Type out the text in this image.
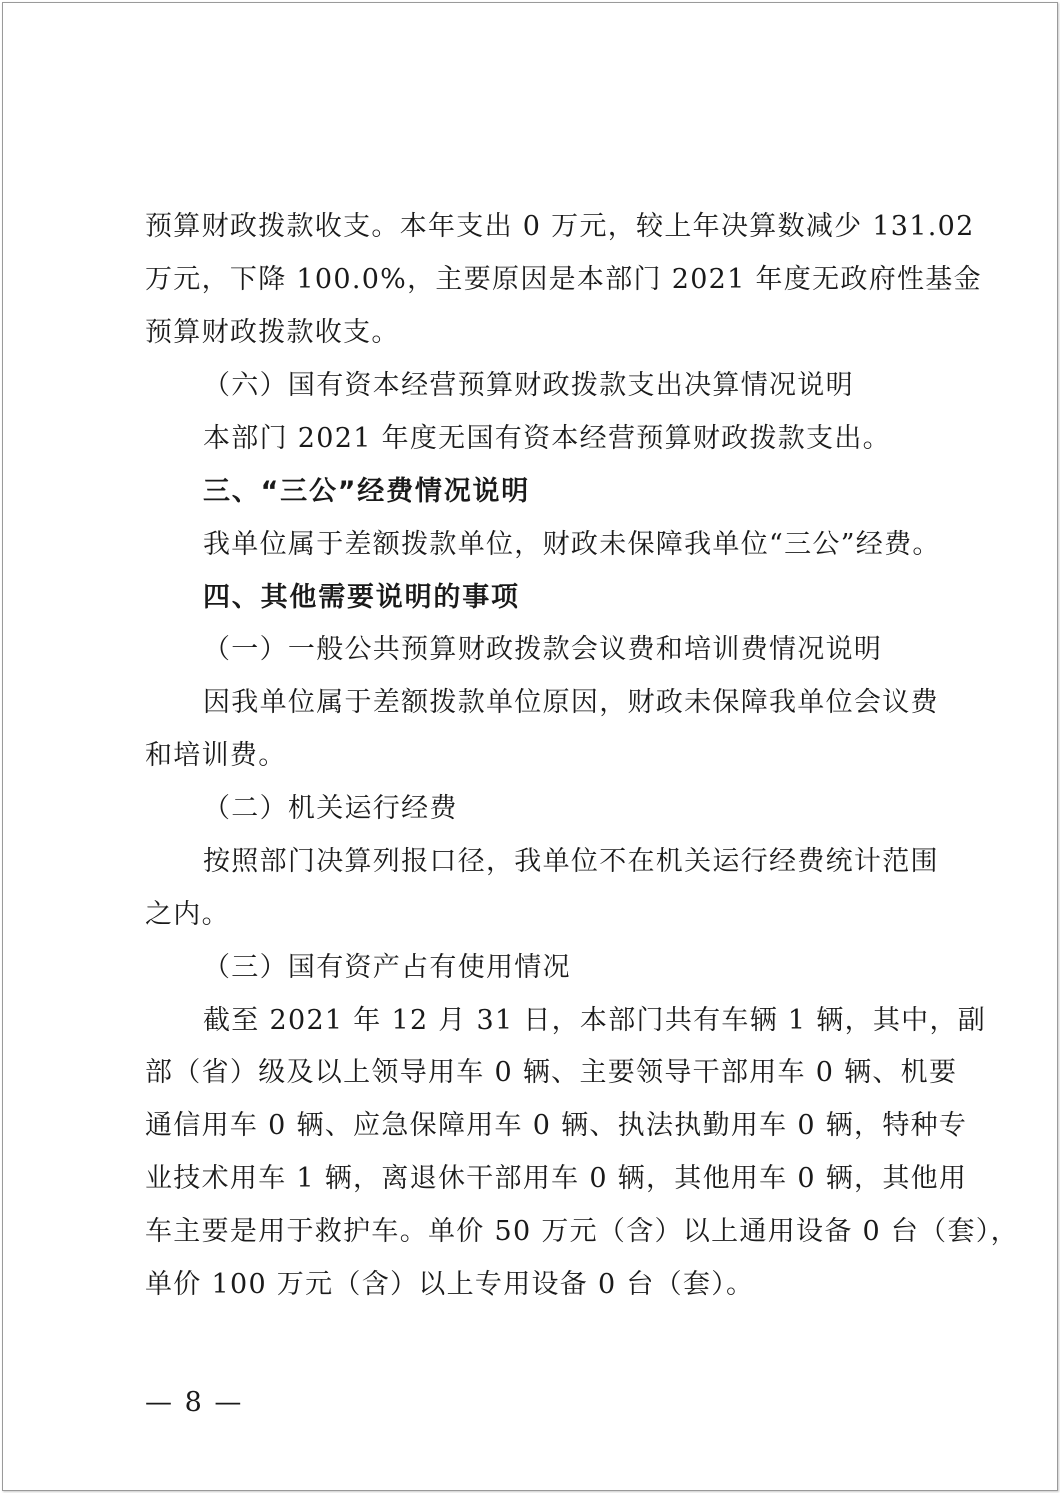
预算财政拨款收支。本年支出 0 万元，较上年决算数减少 131.02
万元，下降 100.0%，主要原因是本部门 2021 年度无政府性基金
预算财政拨款收支。
（六）国有资本经营预算财政拨款支出决算情况说明
本部门 2021 年度无国有资本经营预算财政拨款支出。
三、“三公”经费情况说明
我单位属于差额拨款单位，财政未保障我单位“三公”经费。
四、其他需要说明的事项
（一）一般公共预算财政拨款会议费和培训费情况说明
因我单位属于差额拨款单位原因，财政未保障我单位会议费
和培训费。
（二）机关运行经费
按照部门决算列报口径，我单位不在机关运行经费统计范围
之内。
（三）国有资产占有使用情况
截至 2021 年 12 月 31 日，本部门共有车辆 1 辆，其中，副
部（省）级及以上领导用车 0 辆、主要领导干部用车 0 辆、机要
通信用车 0 辆、应急保障用车 0 辆、执法执勤用车 0 辆，特种专
业技术用车 1 辆，离退休干部用车 0 辆，其他用车 0 辆，其他用
车主要是用于救护车。单价 50 万元（含）以上通用设备 0 台（套），
单价 100 万元（含）以上专用设备 0 台（套）。
— 8 —
